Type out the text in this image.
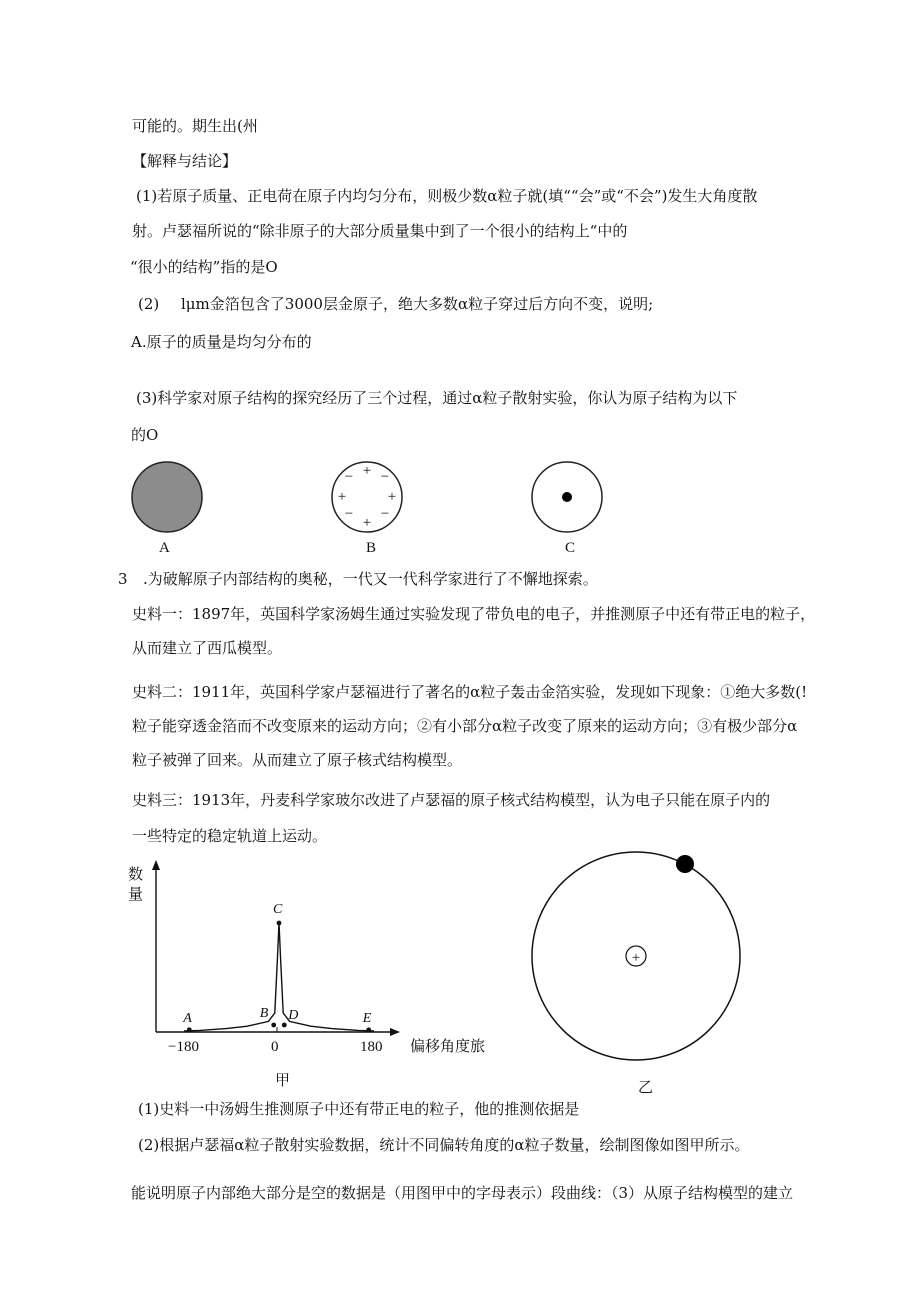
可能的。期生出(州
【解释与结论】
(1)若原子质量、正电荷在原子内均匀分布，则极少数α粒子就(填““会”或“不会”)发生大角度散
射。卢瑟福所说的“除非原子的大部分质量集中到了一个很小的结构上“中的
“很小的结构”指的是O
(2) lμm金箔包含了3000层金原子，绝大多数α粒子穿过后方向不变，说明;
A.原子的质量是均匀分布的
(3)科学家对原子结构的探究经历了三个过程，通过α粒子散射实验，你认为原子结构为以下
的O
+
− −
+	+
− −
+
A	B	C
3 .为破解原子内部结构的奥秘，一代又一代科学家进行了不懈地探索。
史料一：1897年，英国科学家汤姆生通过实验发现了带负电的电子，并推测原子中还有带正电的粒子，
从而建立了西瓜模型。
史料二：1911年，英国科学家卢瑟福进行了著名的α粒子轰击金箔实验，发现如下现象：①绝大多数(!
粒子能穿透金箔而不改变原来的运动方向；②有小部分α粒子改变了原来的运动方向；③有极少部分α
粒子被弹了回来。从而建立了原子核式结构模型。
史料三：1913年，丹麦科学家玻尔改进了卢瑟福的原子核式结构模型，认为电子只能在原子内的
一些特定的稳定轨道上运动。
数
量
−180	0	180 偏移角度旅
甲
A	B
C
D	E
+
乙
(1)史料一中汤姆生推测原子中还有带正电的粒子，他的推测依据是
(2)根据卢瑟福α粒子散射实验数据，统计不同偏转角度的α粒子数量，绘制图像如图甲所示。
能说明原子内部绝大部分是空的数据是（用图甲中的字母表示）段曲线：（3）从原子结构模型的建立
